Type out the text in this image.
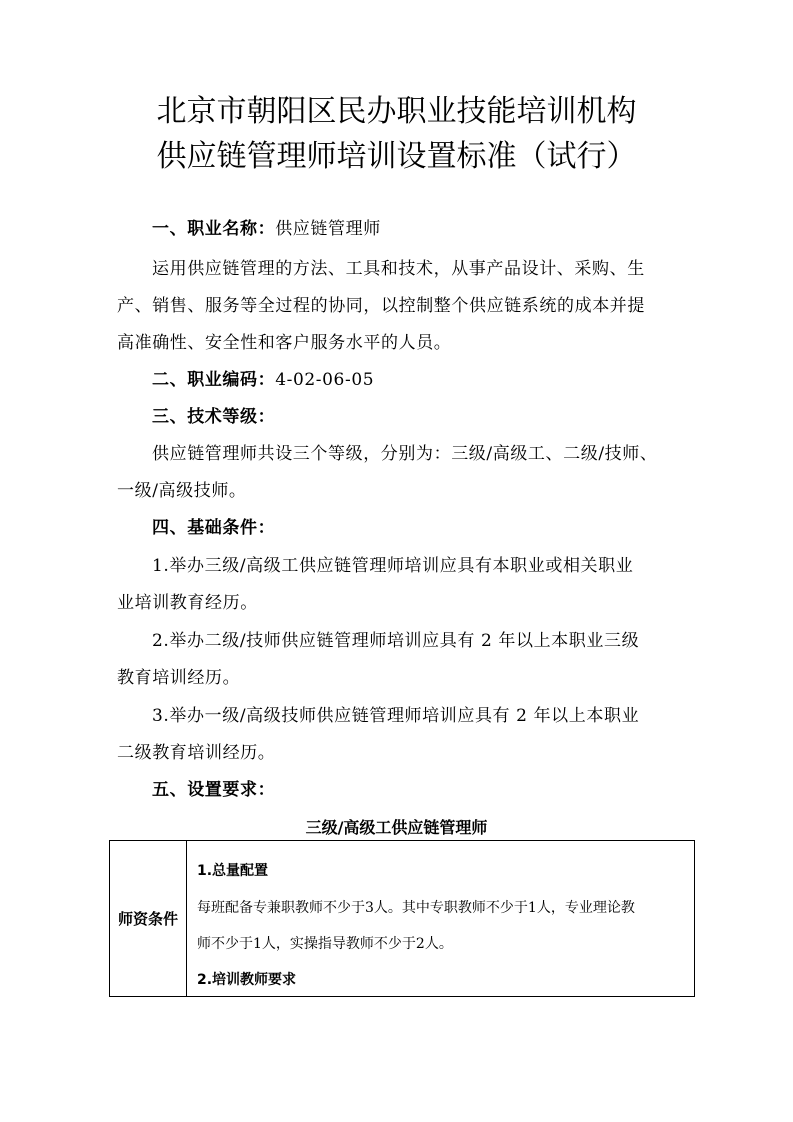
北京市朝阳区民办职业技能培训机构
供应链管理师培训设置标准（试行）
一、职业名称：供应链管理师
运用供应链管理的方法、工具和技术，从事产品设计、采购、生
产、销售、服务等全过程的协同，以控制整个供应链系统的成本并提
高准确性、安全性和客户服务水平的人员。
二、职业编码：4-02-06-05
三、技术等级：
供应链管理师共设三个等级，分别为：三级/高级工、二级/技师、
一级/高级技师。
四、基础条件：
1.举办三级/高级工供应链管理师培训应具有本职业或相关职业
业培训教育经历。
2.举办二级/技师供应链管理师培训应具有 2 年以上本职业三级
教育培训经历。
3.举办一级/高级技师供应链管理师培训应具有 2 年以上本职业
二级教育培训经历。
五、设置要求：
三级/高级工供应链管理师
师资条件
1.总量配置
每班配备专兼职教师不少于3人。其中专职教师不少于1人，专业理论教
师不少于1人，实操指导教师不少于2人。
2.培训教师要求
